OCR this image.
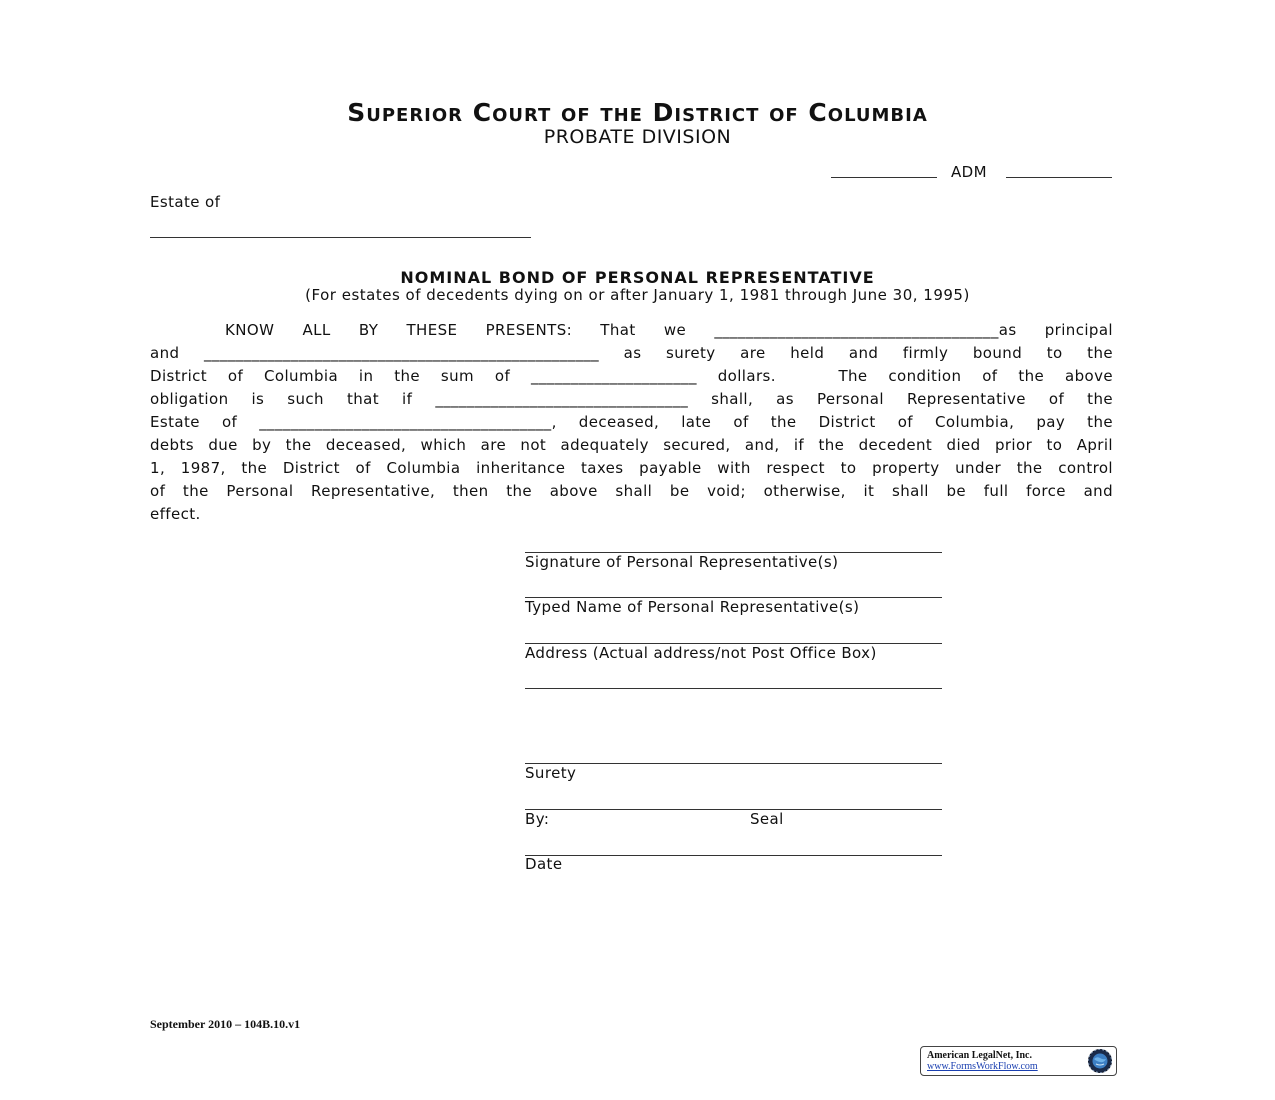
Superior Court of the District of Columbia
PROBATE DIVISION
ADM
Estate of
NOMINAL BOND OF PERSONAL REPRESENTATIVE
(For estates of decedents dying on or after January 1, 1981 through June 30, 1995)
KNOW ALL BY THESE PRESENTS: That we ____________________________________as principal
and __________________________________________________ as surety are held and firmly bound to the
District of Columbia in the sum of _____________________ dollars.   The condition of the above
obligation is such that if ________________________________ shall, as Personal Representative of the
Estate of _____________________________________, deceased, late of the District of Columbia, pay the
debts due by the deceased, which are not adequately secured, and, if the decedent died prior to April
1, 1987, the District of Columbia inheritance taxes payable with respect to property under the control
of the Personal Representative, then the above shall be void; otherwise, it shall be full force and
effect.
Signature of Personal Representative(s)
Typed Name of Personal Representative(s)
Address (Actual address/not Post Office Box)
Surety
By:	Seal
Date
September 2010 – 104B.10.v1
American LegalNet, Inc.
www.FormsWorkFlow.com
